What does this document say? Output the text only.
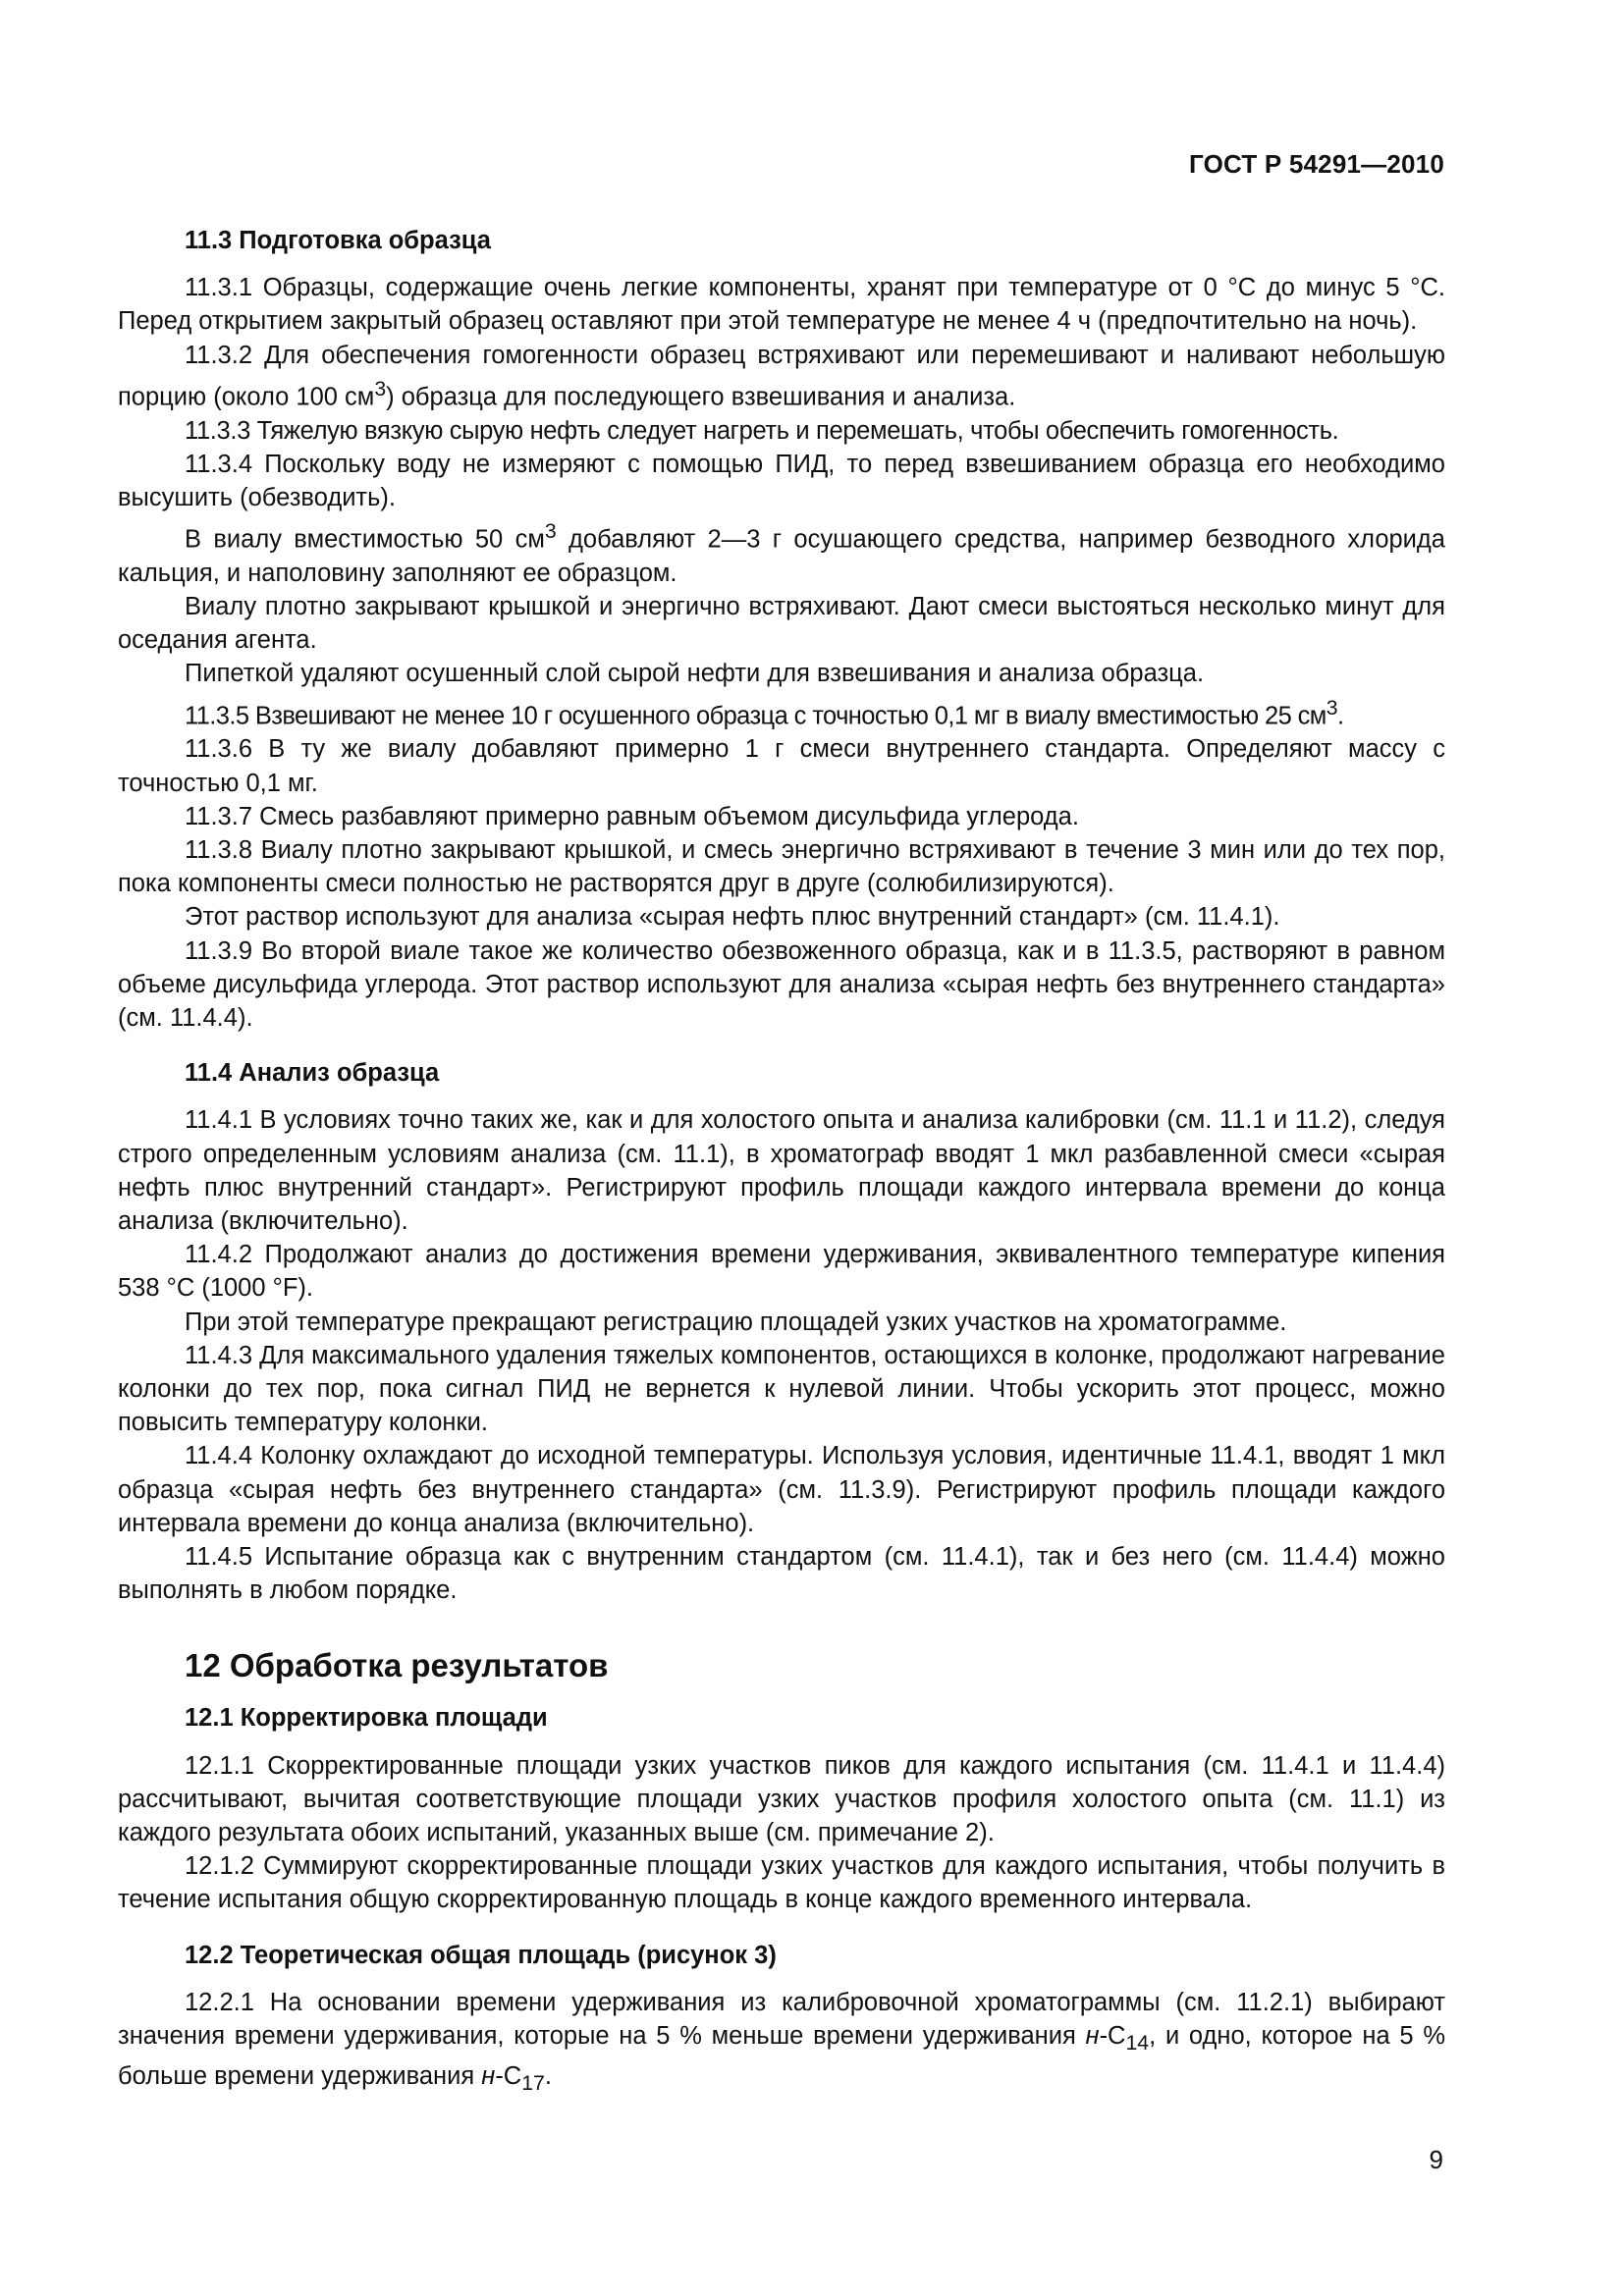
ГОСТ Р 54291—2010
11.3 Подготовка образца

11.3.1 Образцы, содержащие очень легкие компоненты, хранят при температуре от 0 °С до минус 5 °С. Перед открытием закрытый образец оставляют при этой температуре не менее 4 ч (предпочтительно на ночь).

11.3.2 Для обеспечения гомогенности образец встряхивают или перемешивают и наливают небольшую порцию (около 100 $см^3$) образца для последующего взвешивания и анализа.

11.3.3 Тяжелую вязкую сырую нефть следует нагреть и перемешать, чтобы обеспечить гомогенность.

11.3.4 Поскольку воду не измеряют с помощью ПИД, то перед взвешиванием образца его необходимо высушить (обезводить).

В виалу вместимостью 50 $см^3$ добавляют 2—3 г осушающего средства, например безводного хлорида кальция, и наполовину заполняют ее образцом.

Виалу плотно закрывают крышкой и энергично встряхивают. Дают смеси выстояться несколько минут для оседания агента.

Пипеткой удаляют осушенный слой сырой нефти для взвешивания и анализа образца.

11.3.5 Взвешивают не менее 10 г осушенного образца с точностью 0,1 мг в виалу вместимостью 25 $см^3$.

11.3.6 В ту же виалу добавляют примерно 1 г смеси внутреннего стандарта. Определяют массу с точностью 0,1 мг.

11.3.7 Смесь разбавляют примерно равным объемом дисульфида углерода.

11.3.8 Виалу плотно закрывают крышкой, и смесь энергично встряхивают в течение 3 мин или до тех пор, пока компоненты смеси полностью не растворятся друг в друге (солюбилизируются).

Этот раствор используют для анализа «сырая нефть плюс внутренний стандарт» (см. 11.4.1).

11.3.9 Во второй виале такое же количество обезвоженного образца, как и в 11.3.5, растворяют в равном объеме дисульфида углерода. Этот раствор используют для анализа «сырая нефть без внутреннего стандарта» (см. 11.4.4).

11.4 Анализ образца

11.4.1 В условиях точно таких же, как и для холостого опыта и анализа калибровки (см. 11.1 и 11.2), следуя строго определенным условиям анализа (см. 11.1), в хроматограф вводят 1 мкл разбавленной смеси «сырая нефть плюс внутренний стандарт». Регистрируют профиль площади каждого интервала времени до конца анализа (включительно).

11.4.2 Продолжают анализ до достижения времени удерживания, эквивалентного температуре кипения 538 °С (1000 °F).

При этой температуре прекращают регистрацию площадей узких участков на хроматограмме.

11.4.3 Для максимального удаления тяжелых компонентов, остающихся в колонке, продолжают нагревание колонки до тех пор, пока сигнал ПИД не вернется к нулевой линии. Чтобы ускорить этот процесс, можно повысить температуру колонки.

11.4.4 Колонку охлаждают до исходной температуры. Используя условия, идентичные 11.4.1, вводят 1 мкл образца «сырая нефть без внутреннего стандарта» (см. 11.3.9). Регистрируют профиль площади каждого интервала времени до конца анализа (включительно).

11.4.5 Испытание образца как с внутренним стандартом (см. 11.4.1), так и без него (см. 11.4.4) можно выполнять в любом порядке.

12 Обработка результатов
12.1 Корректировка площади

12.1.1 Скорректированные площади узких участков пиков для каждого испытания (см. 11.4.1 и 11.4.4) рассчитывают, вычитая соответствующие площади узких участков профиля холостого опыта (см. 11.1) из каждого результата обоих испытаний, указанных выше (см. примечание 2).

12.1.2 Суммируют скорректированные площади узких участков для каждого испытания, чтобы получить в течение испытания общую скорректированную площадь в конце каждого временного интервала.

12.2 Теоретическая общая площадь (рисунок 3)

12.2.1 На основании времени удерживания из калибровочной хроматограммы (см. 11.2.1) выбирают значения времени удерживания, которые на 5 % меньше времени удерживания $н-С_{14}$, и одно, которое на 5 % больше времени удерживания $н-С_{17}$.

9
